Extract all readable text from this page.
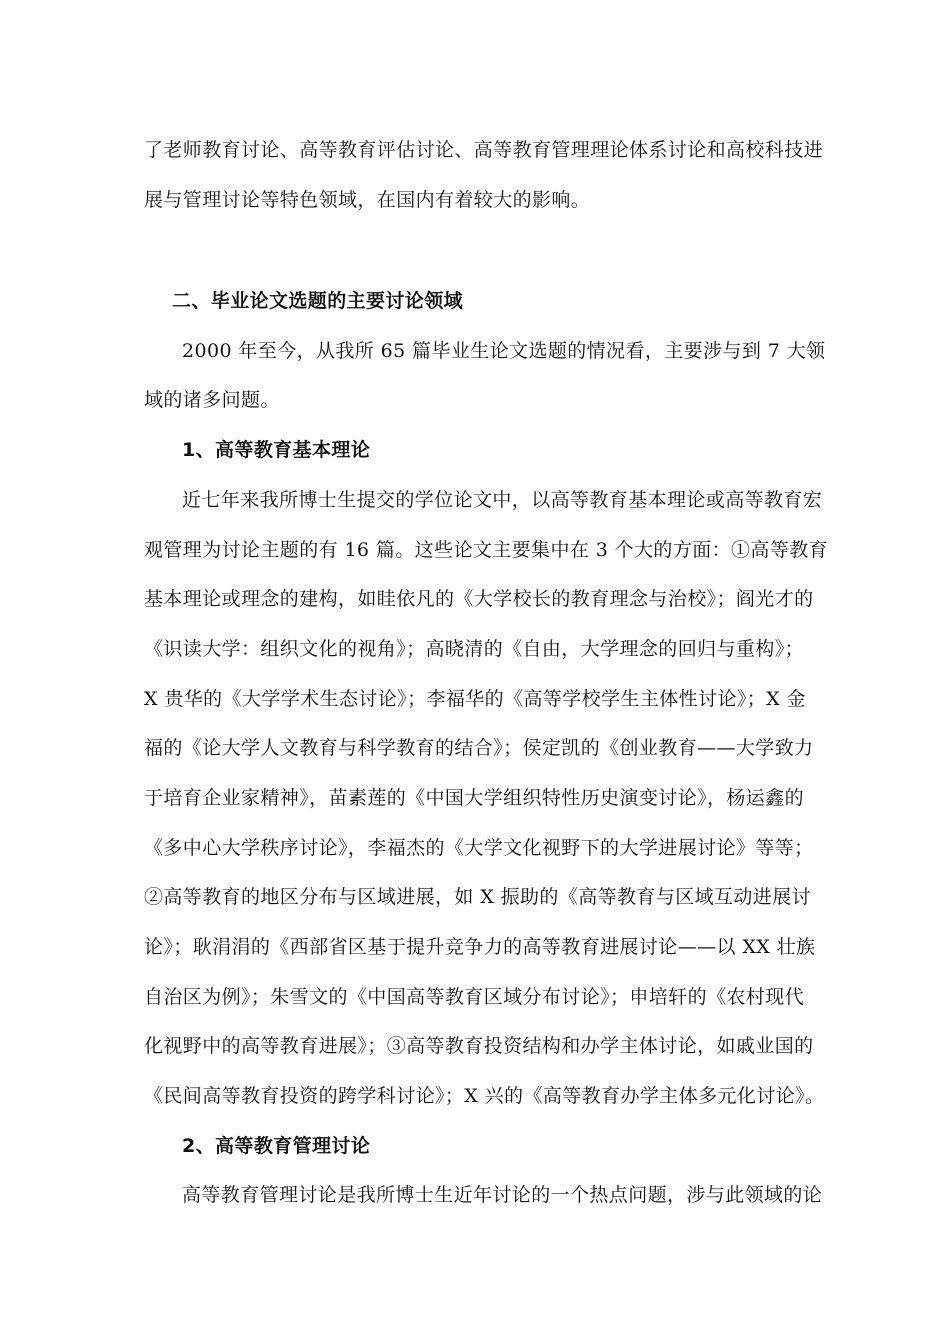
了老师教育讨论、高等教育评估讨论、高等教育管理理论体系讨论和高校科技进
展与管理讨论等特色领域，在国内有着较大的影响。
二、毕业论文选题的主要讨论领域
2000 年至今，从我所 65 篇毕业生论文选题的情况看，主要涉与到 7 大领
域的诸多问题。
1、高等教育基本理论
近七年来我所博士生提交的学位论文中，以高等教育基本理论或高等教育宏
观管理为讨论主题的有 16 篇。这些论文主要集中在 3 个大的方面：①高等教育
基本理论或理念的建构，如眭依凡的《大学校长的教育理念与治校》；阎光才的
《识读大学：组织文化的视角》；高晓清的《自由，大学理念的回归与重构》；
X 贵华的《大学学术生态讨论》；李福华的《高等学校学生主体性讨论》；X 金
福的《论大学人文教育与科学教育的结合》；侯定凯的《创业教育——大学致力
于培育企业家精神》，苗素莲的《中国大学组织特性历史演变讨论》，杨运鑫的
《多中心大学秩序讨论》，李福杰的《大学文化视野下的大学进展讨论》等等；
②高等教育的地区分布与区域进展，如 X 振助的《高等教育与区域互动进展讨
论》；耿涓涓的《西部省区基于提升竞争力的高等教育进展讨论——以 XX 壮族
自治区为例》；朱雪文的《中国高等教育区域分布讨论》；申培轩的《农村现代
化视野中的高等教育进展》；③高等教育投资结构和办学主体讨论，如戚业国的
《民间高等教育投资的跨学科讨论》；X 兴的《高等教育办学主体多元化讨论》。
2、高等教育管理讨论
高等教育管理讨论是我所博士生近年讨论的一个热点问题，涉与此领域的论
